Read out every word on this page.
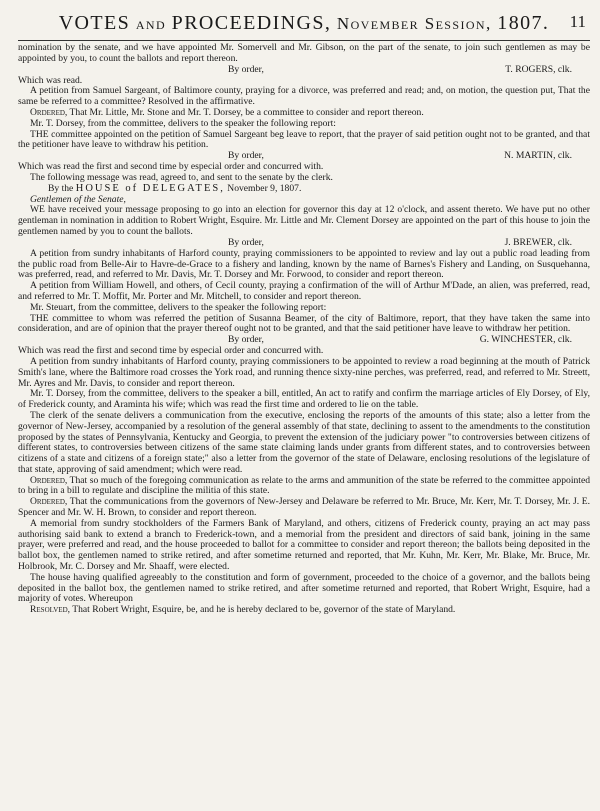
VOTES and PROCEEDINGS, November Session, 1807. 11

nomination by the senate, and we have appointed Mr. Somervell and Mr. Gibson, on the part of the senate, to join such gentlemen as may be appointed by you, to count the ballots and report thereon.

By order,	T. ROGERS, clk.

Which was read.

A petition from Samuel Sargeant, of Baltimore county, praying for a divorce, was preferred and read; and, on motion, the question put, That the same be referred to a committee? Resolved in the affirmative.

Ordered, That Mr. Little, Mr. Stone and Mr. T. Dorsey, be a committee to consider and report thereon.

Mr. T. Dorsey, from the committee, delivers to the speaker the following report:

THE committee appointed on the petition of Samuel Sargeant beg leave to report, that the prayer of said petition ought not to be granted, and that the petitioner have leave to withdraw his petition.

By order,	N. MARTIN, clk.

Which was read the first and second time by especial order and concurred with.

The following message was read, agreed to, and sent to the senate by the clerk.

By the HOUSE of DELEGATES, November 9, 1807.

Gentlemen of the Senate,

WE have received your message proposing to go into an election for governor this day at 12 o'clock, and assent thereto. We have put no other gentleman in nomination in addition to Robert Wright, Esquire. Mr. Little and Mr. Clement Dorsey are appointed on the part of this house to join the gentlemen named by you to count the ballots.

By order,	J. BREWER, clk.

A petition from sundry inhabitants of Harford county, praying commissioners to be appointed to review and lay out a public road leading from the public road from Belle-Air to Havre-de-Grace to a fishery and landing, known by the name of Barnes's Fishery and Landing, on Susquehanna, was preferred, read, and referred to Mr. Davis, Mr. T. Dorsey and Mr. Forwood, to consider and report thereon.

A petition from William Howell, and others, of Cecil county, praying a confirmation of the will of Arthur M'Dade, an alien, was preferred, read, and referred to Mr. T. Moffit, Mr. Porter and Mr. Mitchell, to consider and report thereon.

Mr. Steuart, from the committee, delivers to the speaker the following report:

THE committee to whom was referred the petition of Susanna Beamer, of the city of Baltimore, report, that they have taken the same into consideration, and are of opinion that the prayer thereof ought not to be granted, and that the said petitioner have leave to withdraw her petition.

By order,	G. WINCHESTER, clk.

Which was read the first and second time by especial order and concurred with.

A petition from sundry inhabitants of Harford county, praying commissioners to be appointed to review a road beginning at the mouth of Patrick Smith's lane, where the Baltimore road crosses the York road, and running thence sixty-nine perches, was preferred, read, and referred to Mr. Streett, Mr. Ayres and Mr. Davis, to consider and report thereon.

Mr. T. Dorsey, from the committee, delivers to the speaker a bill, entitled, An act to ratify and confirm the marriage articles of Ely Dorsey, of Ely, of Frederick county, and Araminta his wife; which was read the first time and ordered to lie on the table.

The clerk of the senate delivers a communication from the executive, enclosing the reports of the amounts of this state; also a letter from the governor of New-Jersey, accompanied by a resolution of the general assembly of that state, declining to assent to the amendments to the constitution proposed by the states of Pennsylvania, Kentucky and Georgia, to prevent the extension of the judiciary power "to controversies between citizens of different states, to controversies between citizens of the same state claiming lands under grants from different states, and to controversies between citizens of a state and citizens of a foreign state;" also a letter from the governor of the state of Delaware, enclosing resolutions of the legislature of that state, approving of said amendment; which were read.

Ordered, That so much of the foregoing communication as relate to the arms and ammunition of the state be referred to the committee appointed to bring in a bill to regulate and discipline the militia of this state.

Ordered, That the communications from the governors of New-Jersey and Delaware be referred to Mr. Bruce, Mr. Kerr, Mr. T. Dorsey, Mr. J. E. Spencer and Mr. W. H. Brown, to consider and report thereon.

A memorial from sundry stockholders of the Farmers Bank of Maryland, and others, citizens of Frederick county, praying an act may pass authorising said bank to extend a branch to Frederick-town, and a memorial from the president and directors of said bank, joining in the same prayer, were preferred and read, and the house proceeded to ballot for a committee to consider and report thereon; the ballots being deposited in the ballot box, the gentlemen named to strike retired, and after sometime returned and reported, that Mr. Kuhn, Mr. Kerr, Mr. Blake, Mr. Bruce, Mr. Holbrook, Mr. C. Dorsey and Mr. Shaaff, were elected.

The house having qualified agreeably to the constitution and form of government, proceeded to the choice of a governor, and the ballots being deposited in the ballot box, the gentlemen named to strike retired, and after sometime returned and reported, that Robert Wright, Esquire, had a majority of votes. Whereupon

Resolved, That Robert Wright, Esquire, be, and he is hereby declared to be, governor of the state of Maryland.
